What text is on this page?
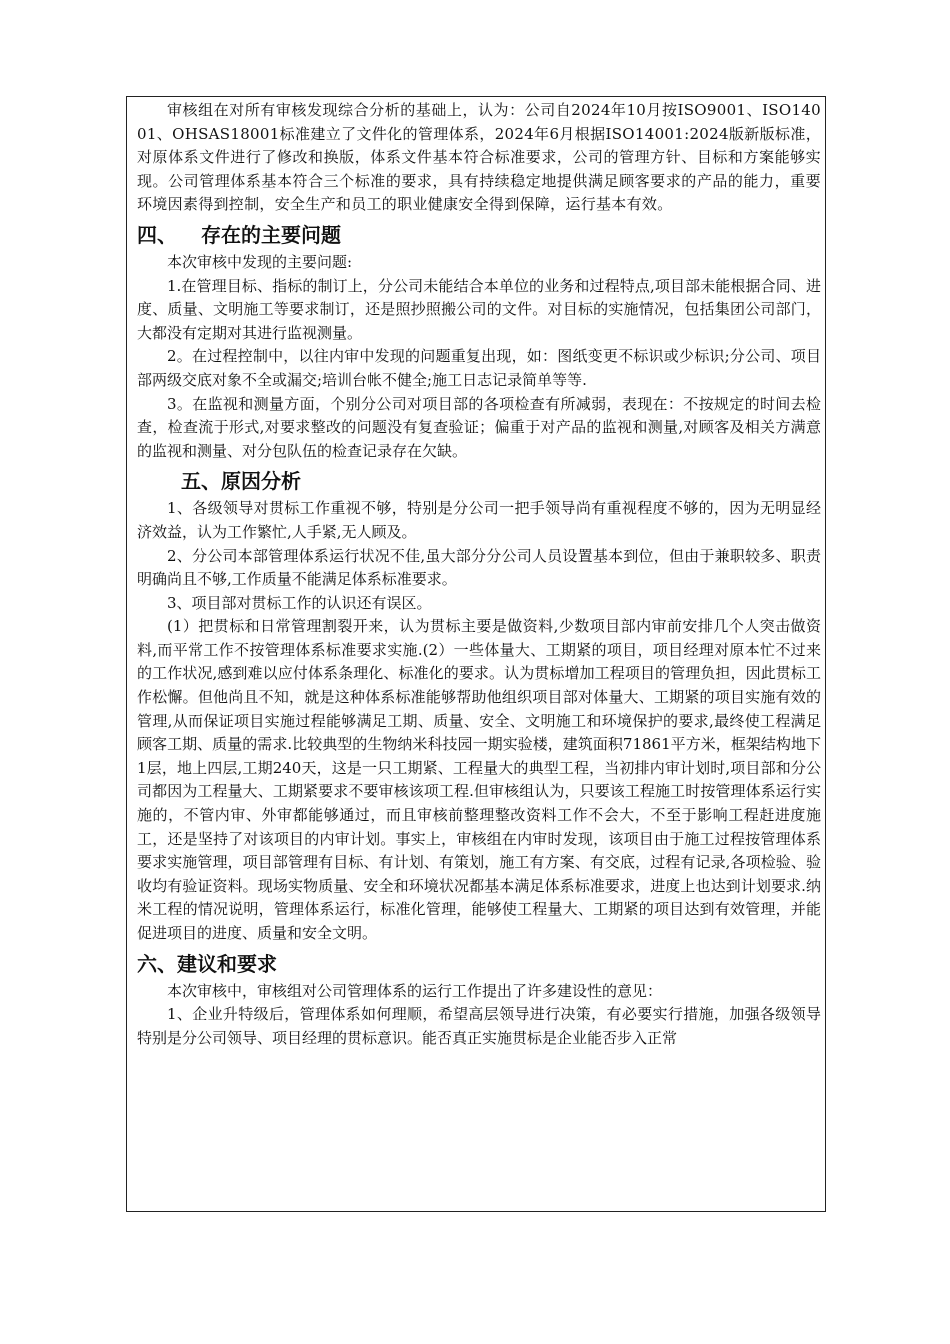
审核组在对所有审核发现综合分析的基础上，认为：公司自2024年10月按ISO9001、ISO14001、OHSAS18001标准建立了文件化的管理体系，2024年6月根据ISO14001:2024版新版标准，对原体系文件进行了修改和换版，体系文件基本符合标准要求，公司的管理方针、目标和方案能够实现。公司管理体系基本符合三个标准的要求，具有持续稳定地提供满足顾客要求的产品的能力，重要环境因素得到控制，安全生产和员工的职业健康安全得到保障，运行基本有效。

四、 存在的主要问题

本次审核中发现的主要问题:

1.在管理目标、指标的制订上，分公司未能结合本单位的业务和过程特点,项目部未能根据合同、进度、质量、文明施工等要求制订，还是照抄照搬公司的文件。对目标的实施情况，包括集团公司部门，大都没有定期对其进行监视测量。

2。在过程控制中，以往内审中发现的问题重复出现，如：图纸变更不标识或少标识;分公司、项目部两级交底对象不全或漏交;培训台帐不健全;施工日志记录简单等等.

3。在监视和测量方面，个别分公司对项目部的各项检查有所减弱，表现在：不按规定的时间去检查，检查流于形式,对要求整改的问题没有复查验证；偏重于对产品的监视和测量,对顾客及相关方满意的监视和测量、对分包队伍的检查记录存在欠缺。

五、原因分析

1、各级领导对贯标工作重视不够，特别是分公司一把手领导尚有重视程度不够的，因为无明显经济效益，认为工作繁忙,人手紧,无人顾及。

2、分公司本部管理体系运行状况不佳,虽大部分分公司人员设置基本到位，但由于兼职较多、职责明确尚且不够,工作质量不能满足体系标准要求。

3、项目部对贯标工作的认识还有误区。

(1）把贯标和日常管理割裂开来，认为贯标主要是做资料,少数项目部内审前安排几个人突击做资料,而平常工作不按管理体系标准要求实施.(2）一些体量大、工期紧的项目，项目经理对原本忙不过来的工作状况,感到难以应付体系条理化、标准化的要求。认为贯标增加工程项目的管理负担，因此贯标工作松懈。但他尚且不知，就是这种体系标准能够帮助他组织项目部对体量大、工期紧的项目实施有效的管理,从而保证项目实施过程能够满足工期、质量、安全、文明施工和环境保护的要求,最终使工程满足顾客工期、质量的需求.比较典型的生物纳米科技园一期实验楼，建筑面积71861平方米，框架结构地下1层，地上四层,工期240天，这是一只工期紧、工程量大的典型工程，当初排内审计划时,项目部和分公司都因为工程量大、工期紧要求不要审核该项工程.但审核组认为，只要该工程施工时按管理体系运行实施的，不管内审、外审都能够通过，而且审核前整理整改资料工作不会大，不至于影响工程赶进度施工，还是坚持了对该项目的内审计划。事实上，审核组在内审时发现，该项目由于施工过程按管理体系要求实施管理，项目部管理有目标、有计划、有策划，施工有方案、有交底，过程有记录,各项检验、验收均有验证资料。现场实物质量、安全和环境状况都基本满足体系标准要求，进度上也达到计划要求.纳米工程的情况说明，管理体系运行，标准化管理，能够使工程量大、工期紧的项目达到有效管理，并能促进项目的进度、质量和安全文明。

六、建议和要求

本次审核中，审核组对公司管理体系的运行工作提出了许多建设性的意见：

1、企业升特级后，管理体系如何理顺，希望高层领导进行决策，有必要实行措施，加强各级领导特别是分公司领导、项目经理的贯标意识。能否真正实施贯标是企业能否步入正常
